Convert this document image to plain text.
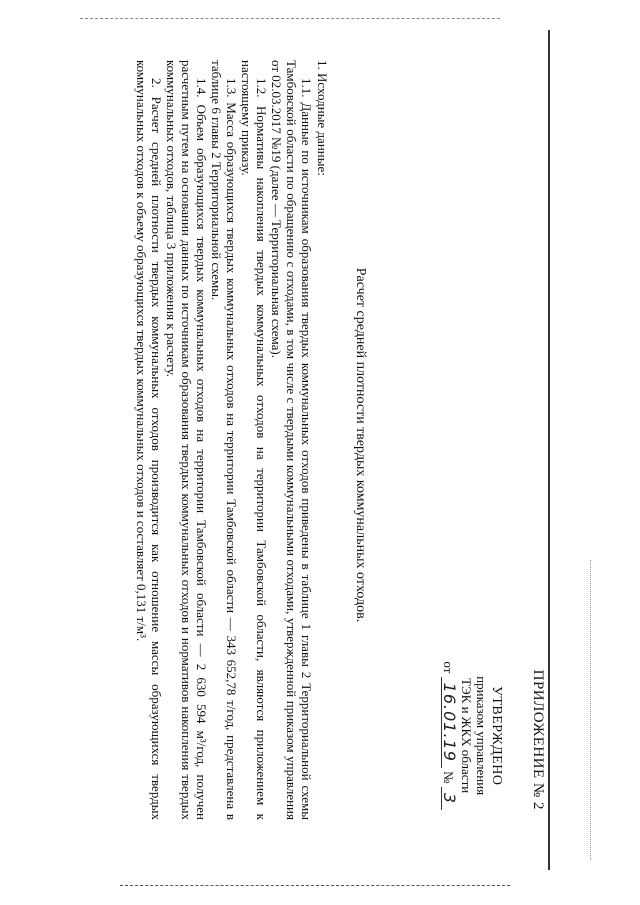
ПРИЛОЖЕНИЕ № 2
УТВЕРЖДЕНО
приказом управления
ТЭК и ЖКХ области
от 16.01.19 № 3
Расчет средней плотности твердых коммунальных отходов.

1. Исходные данные:

1.1. Данные по источникам образования твердых коммунальных отходов приведены в таблице 1 главы 2 Территориальной схемы Тамбовской области по обращению с отходами, в том числе с твердыми коммунальными отходами, утвержденной приказом управления от 02.03.2017 №19 (далее — Территориальная схема).

1.2. Нормативы накопления твердых коммунальных отходов на территории Тамбовской области, являются приложением к настоящему приказу.

1.3. Масса образующихся твердых коммунальных отходов на территории Тамбовской области — 343 652,78 т/год, представлена в таблице 6 главы 2 Территориальной схемы.

1.4. Объем образующихся твердых коммунальных отходов на территории Тамбовской области — 2 630 594 м³/год, получен расчетным путем на основании данных по источникам образования твердых коммунальных отходов и нормативов накопления твердых коммунальных отходов, таблица 3 приложения к расчету.

2. Расчет средней плотности твердых коммунальных отходов производится как отношение массы образующихся твердых коммунальных отходов к объему образующихся твердых коммунальных отходов и составляет 0,131 т/м³.
